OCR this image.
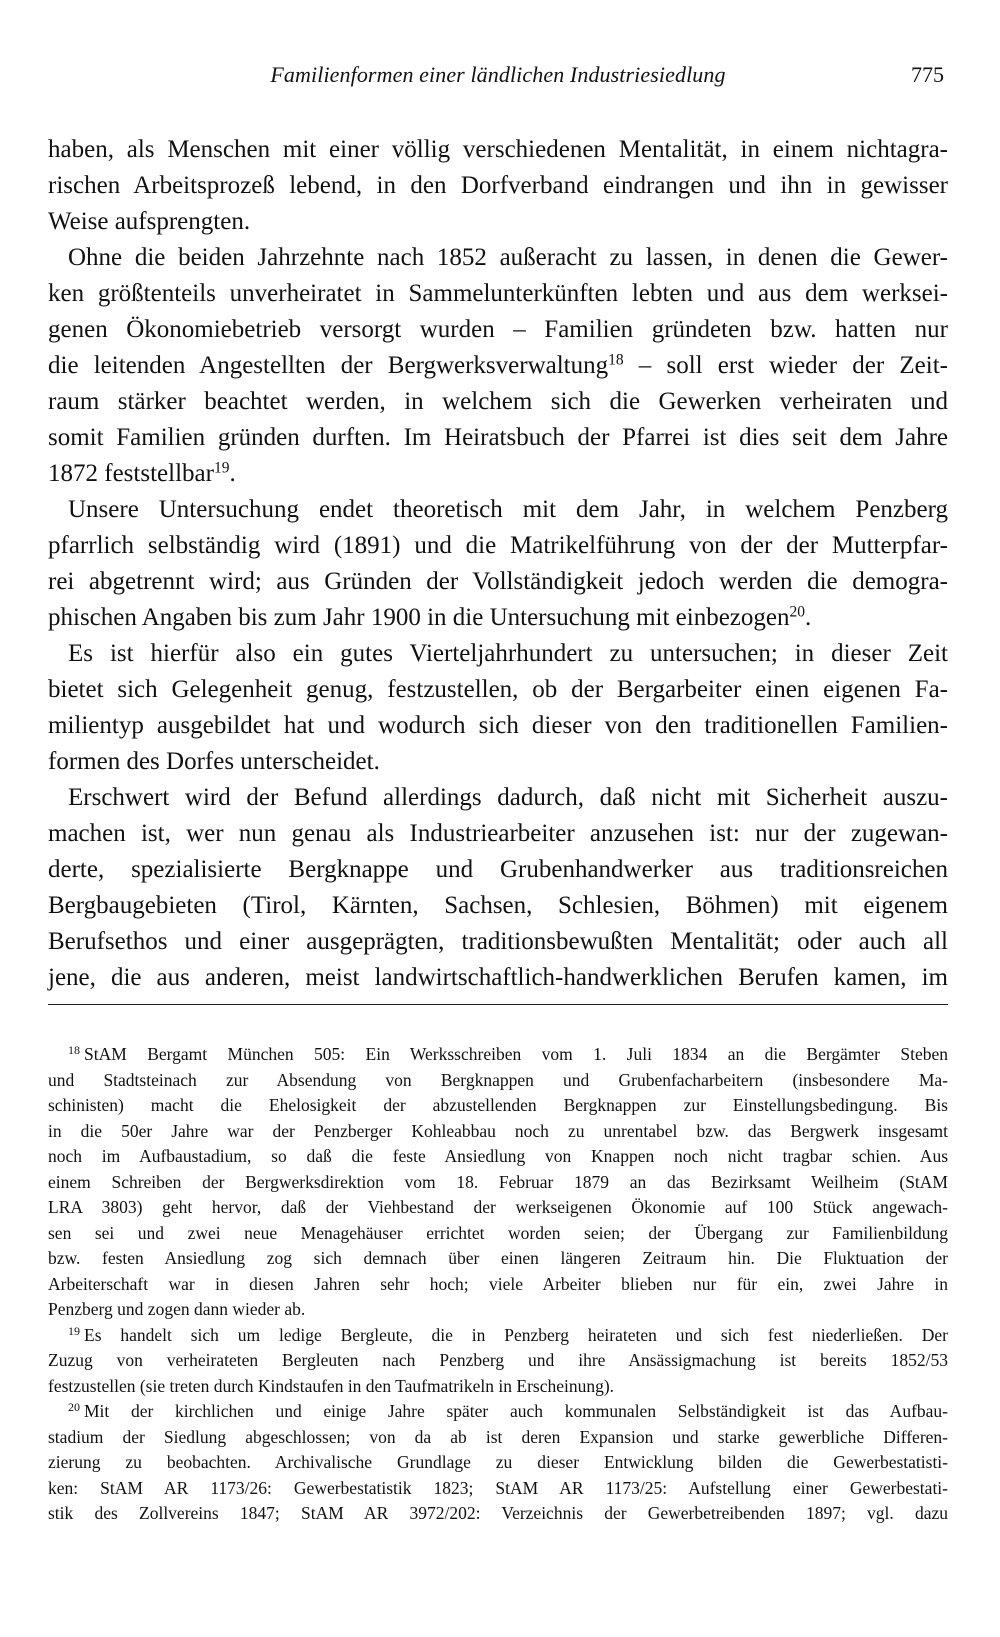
Familienformen einer ländlichen Industriesiedlung	775
haben, als Menschen mit einer völlig verschiedenen Mentalität, in einem nichtagra-
rischen Arbeitsprozeß lebend, in den Dorfverband eindrangen und ihn in gewisser
Weise aufsprengten.
Ohne die beiden Jahrzehnte nach 1852 außeracht zu lassen, in denen die Gewer-
ken größtenteils unverheiratet in Sammelunterkünften lebten und aus dem werksei-
genen Ökonomiebetrieb versorgt wurden – Familien gründeten bzw. hatten nur
die leitenden Angestellten der Bergwerksverwaltung$^{18}$ – soll erst wieder der Zeit-
raum stärker beachtet werden, in welchem sich die Gewerken verheiraten und
somit Familien gründen durften. Im Heiratsbuch der Pfarrei ist dies seit dem Jahre
1872 feststellbar$^{19}$.
Unsere Untersuchung endet theoretisch mit dem Jahr, in welchem Penzberg
pfarrlich selbständig wird (1891) und die Matrikelführung von der der Mutterpfar-
rei abgetrennt wird; aus Gründen der Vollständigkeit jedoch werden die demogra-
phischen Angaben bis zum Jahr 1900 in die Untersuchung mit einbezogen$^{20}$.
Es ist hierfür also ein gutes Vierteljahrhundert zu untersuchen; in dieser Zeit
bietet sich Gelegenheit genug, festzustellen, ob der Bergarbeiter einen eigenen Fa-
milientyp ausgebildet hat und wodurch sich dieser von den traditionellen Familien-
formen des Dorfes unterscheidet.
Erschwert wird der Befund allerdings dadurch, daß nicht mit Sicherheit auszu-
machen ist, wer nun genau als Industriearbeiter anzusehen ist: nur der zugewan-
derte, spezialisierte Bergknappe und Grubenhandwerker aus traditionsreichen
Bergbaugebieten (Tirol, Kärnten, Sachsen, Schlesien, Böhmen) mit eigenem
Berufsethos und einer ausgeprägten, traditionsbewußten Mentalität; oder auch all
jene, die aus anderen, meist landwirtschaftlich-handwerklichen Berufen kamen, im
$^{18}$ StAM Bergamt München 505: Ein Werksschreiben vom 1. Juli 1834 an die Bergämter Steben
und Stadtsteinach zur Absendung von Bergknappen und Grubenfacharbeitern (insbesondere Ma-
schinisten) macht die Ehelosigkeit der abzustellenden Bergknappen zur Einstellungsbedingung. Bis
in die 50er Jahre war der Penzberger Kohleabbau noch zu unrentabel bzw. das Bergwerk insgesamt
noch im Aufbaustadium, so daß die feste Ansiedlung von Knappen noch nicht tragbar schien. Aus
einem Schreiben der Bergwerksdirektion vom 18. Februar 1879 an das Bezirksamt Weilheim (StAM
LRA 3803) geht hervor, daß der Viehbestand der werkseigenen Ökonomie auf 100 Stück angewach-
sen sei und zwei neue Menagehäuser errichtet worden seien; der Übergang zur Familienbildung
bzw. festen Ansiedlung zog sich demnach über einen längeren Zeitraum hin. Die Fluktuation der
Arbeiterschaft war in diesen Jahren sehr hoch; viele Arbeiter blieben nur für ein, zwei Jahre in
Penzberg und zogen dann wieder ab.
$^{19}$ Es handelt sich um ledige Bergleute, die in Penzberg heirateten und sich fest niederließen. Der
Zuzug von verheirateten Bergleuten nach Penzberg und ihre Ansässigmachung ist bereits 1852/53
festzustellen (sie treten durch Kindstaufen in den Taufmatrikeln in Erscheinung).
$^{20}$ Mit der kirchlichen und einige Jahre später auch kommunalen Selbständigkeit ist das Aufbau-
stadium der Siedlung abgeschlossen; von da ab ist deren Expansion und starke gewerbliche Differen-
zierung zu beobachten. Archivalische Grundlage zu dieser Entwicklung bilden die Gewerbestatisti-
ken: StAM AR 1173/26: Gewerbestatistik 1823; StAM AR 1173/25: Aufstellung einer Gewerbestati-
stik des Zollvereins 1847; StAM AR 3972/202: Verzeichnis der Gewerbetreibenden 1897; vgl. dazu
